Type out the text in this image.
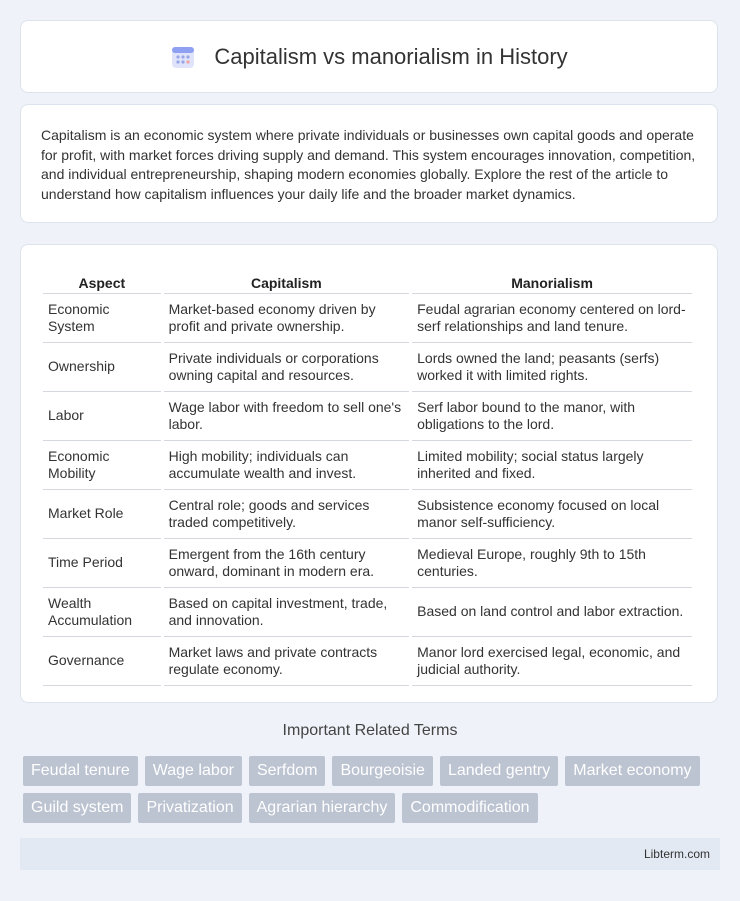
Capitalism vs manorialism in History

Capitalism is an economic system where private individuals or businesses own capital goods and operate for profit, with market forces driving supply and demand. This system encourages innovation, competition, and individual entrepreneurship, shaping modern economies globally. Explore the rest of the article to understand how capitalism influences your daily life and the broader market dynamics.

Aspect	Capitalism	Manorialism
Economic System	Market-based economy driven by profit and private ownership.	Feudal agrarian economy centered on lord-serf relationships and land tenure.
Ownership	Private individuals or corporations owning capital and resources.	Lords owned the land; peasants (serfs) worked it with limited rights.
Labor	Wage labor with freedom to sell one's labor.	Serf labor bound to the manor, with obligations to the lord.
Economic Mobility	High mobility; individuals can accumulate wealth and invest.	Limited mobility; social status largely inherited and fixed.
Market Role	Central role; goods and services traded competitively.	Subsistence economy focused on local manor self-sufficiency.
Time Period	Emergent from the 16th century onward, dominant in modern era.	Medieval Europe, roughly 9th to 15th centuries.
Wealth Accumulation	Based on capital investment, trade, and innovation.	Based on land control and labor extraction.
Governance	Market laws and private contracts regulate economy.	Manor lord exercised legal, economic, and judicial authority.
Important Related Terms
Feudal tenure	Wage labor	Serfdom	Bourgeoisie	Landed gentry	Market economy
Guild system	Privatization	Agrarian hierarchy	Commodification
Libterm.com
